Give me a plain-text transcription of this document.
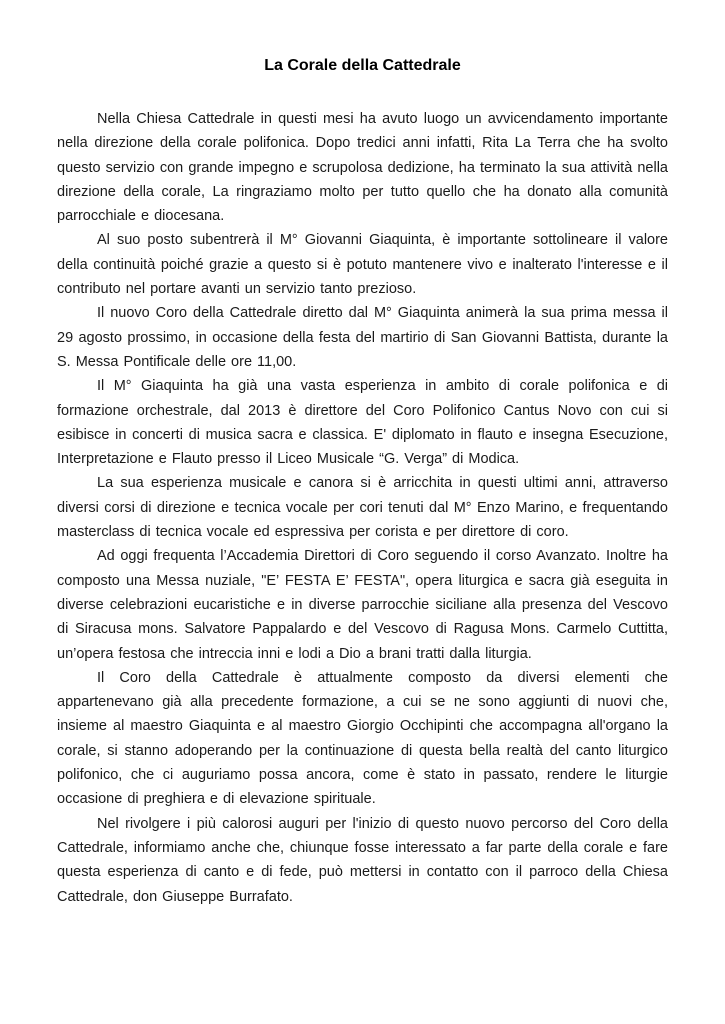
La Corale della Cattedrale

Nella Chiesa Cattedrale in questi mesi ha avuto luogo un avvicendamento importante nella direzione della corale polifonica. Dopo tredici anni infatti, Rita La Terra che ha svolto questo servizio con grande impegno e scrupolosa dedizione, ha terminato la sua attività nella direzione della corale, La ringraziamo molto per tutto quello che ha donato alla comunità parrocchiale e diocesana.

Al suo posto subentrerà il M° Giovanni Giaquinta, è importante sottolineare il valore della continuità poiché grazie a questo si è potuto mantenere vivo e inalterato l'interesse e il contributo nel portare avanti un servizio tanto prezioso.

Il nuovo Coro della Cattedrale diretto dal M° Giaquinta animerà la sua prima messa il 29 agosto prossimo, in occasione della festa del martirio di San Giovanni Battista, durante la S. Messa Pontificale delle ore 11,00.

Il M° Giaquinta ha già una vasta esperienza in ambito di corale polifonica e di formazione orchestrale, dal 2013 è direttore del Coro Polifonico Cantus Novo con cui si esibisce in concerti di musica sacra e classica. E' diplomato in flauto e insegna Esecuzione, Interpretazione e Flauto presso il Liceo Musicale “G. Verga” di Modica.

La sua esperienza musicale e canora si è arricchita in questi ultimi anni, attraverso diversi corsi di direzione e tecnica vocale per cori tenuti dal M° Enzo Marino, e frequentando masterclass di tecnica vocale ed espressiva per corista e per direttore di coro.

Ad oggi frequenta l’Accademia Direttori di Coro seguendo il corso Avanzato. Inoltre ha composto una Messa nuziale, "E’ FESTA E’ FESTA", opera liturgica e sacra già eseguita in diverse celebrazioni eucaristiche e in diverse parrocchie siciliane alla presenza del Vescovo di Siracusa mons. Salvatore Pappalardo e del Vescovo di Ragusa Mons. Carmelo Cuttitta, un’opera festosa che intreccia inni e lodi a Dio a brani tratti dalla liturgia.

Il Coro della Cattedrale è attualmente composto da diversi elementi che appartenevano già alla precedente formazione, a cui se ne sono aggiunti di nuovi che, insieme al maestro Giaquinta e al maestro Giorgio Occhipinti che accompagna all'organo la corale, si stanno adoperando per la continuazione di questa bella realtà del canto liturgico polifonico, che ci auguriamo possa ancora, come è stato in passato, rendere le liturgie occasione di preghiera e di elevazione spirituale.

Nel rivolgere i più calorosi auguri per l'inizio di questo nuovo percorso del Coro della Cattedrale, informiamo anche che, chiunque fosse interessato a far parte della corale e fare questa esperienza di canto e di fede, può mettersi in contatto con il parroco della Chiesa Cattedrale, don Giuseppe Burrafato.
